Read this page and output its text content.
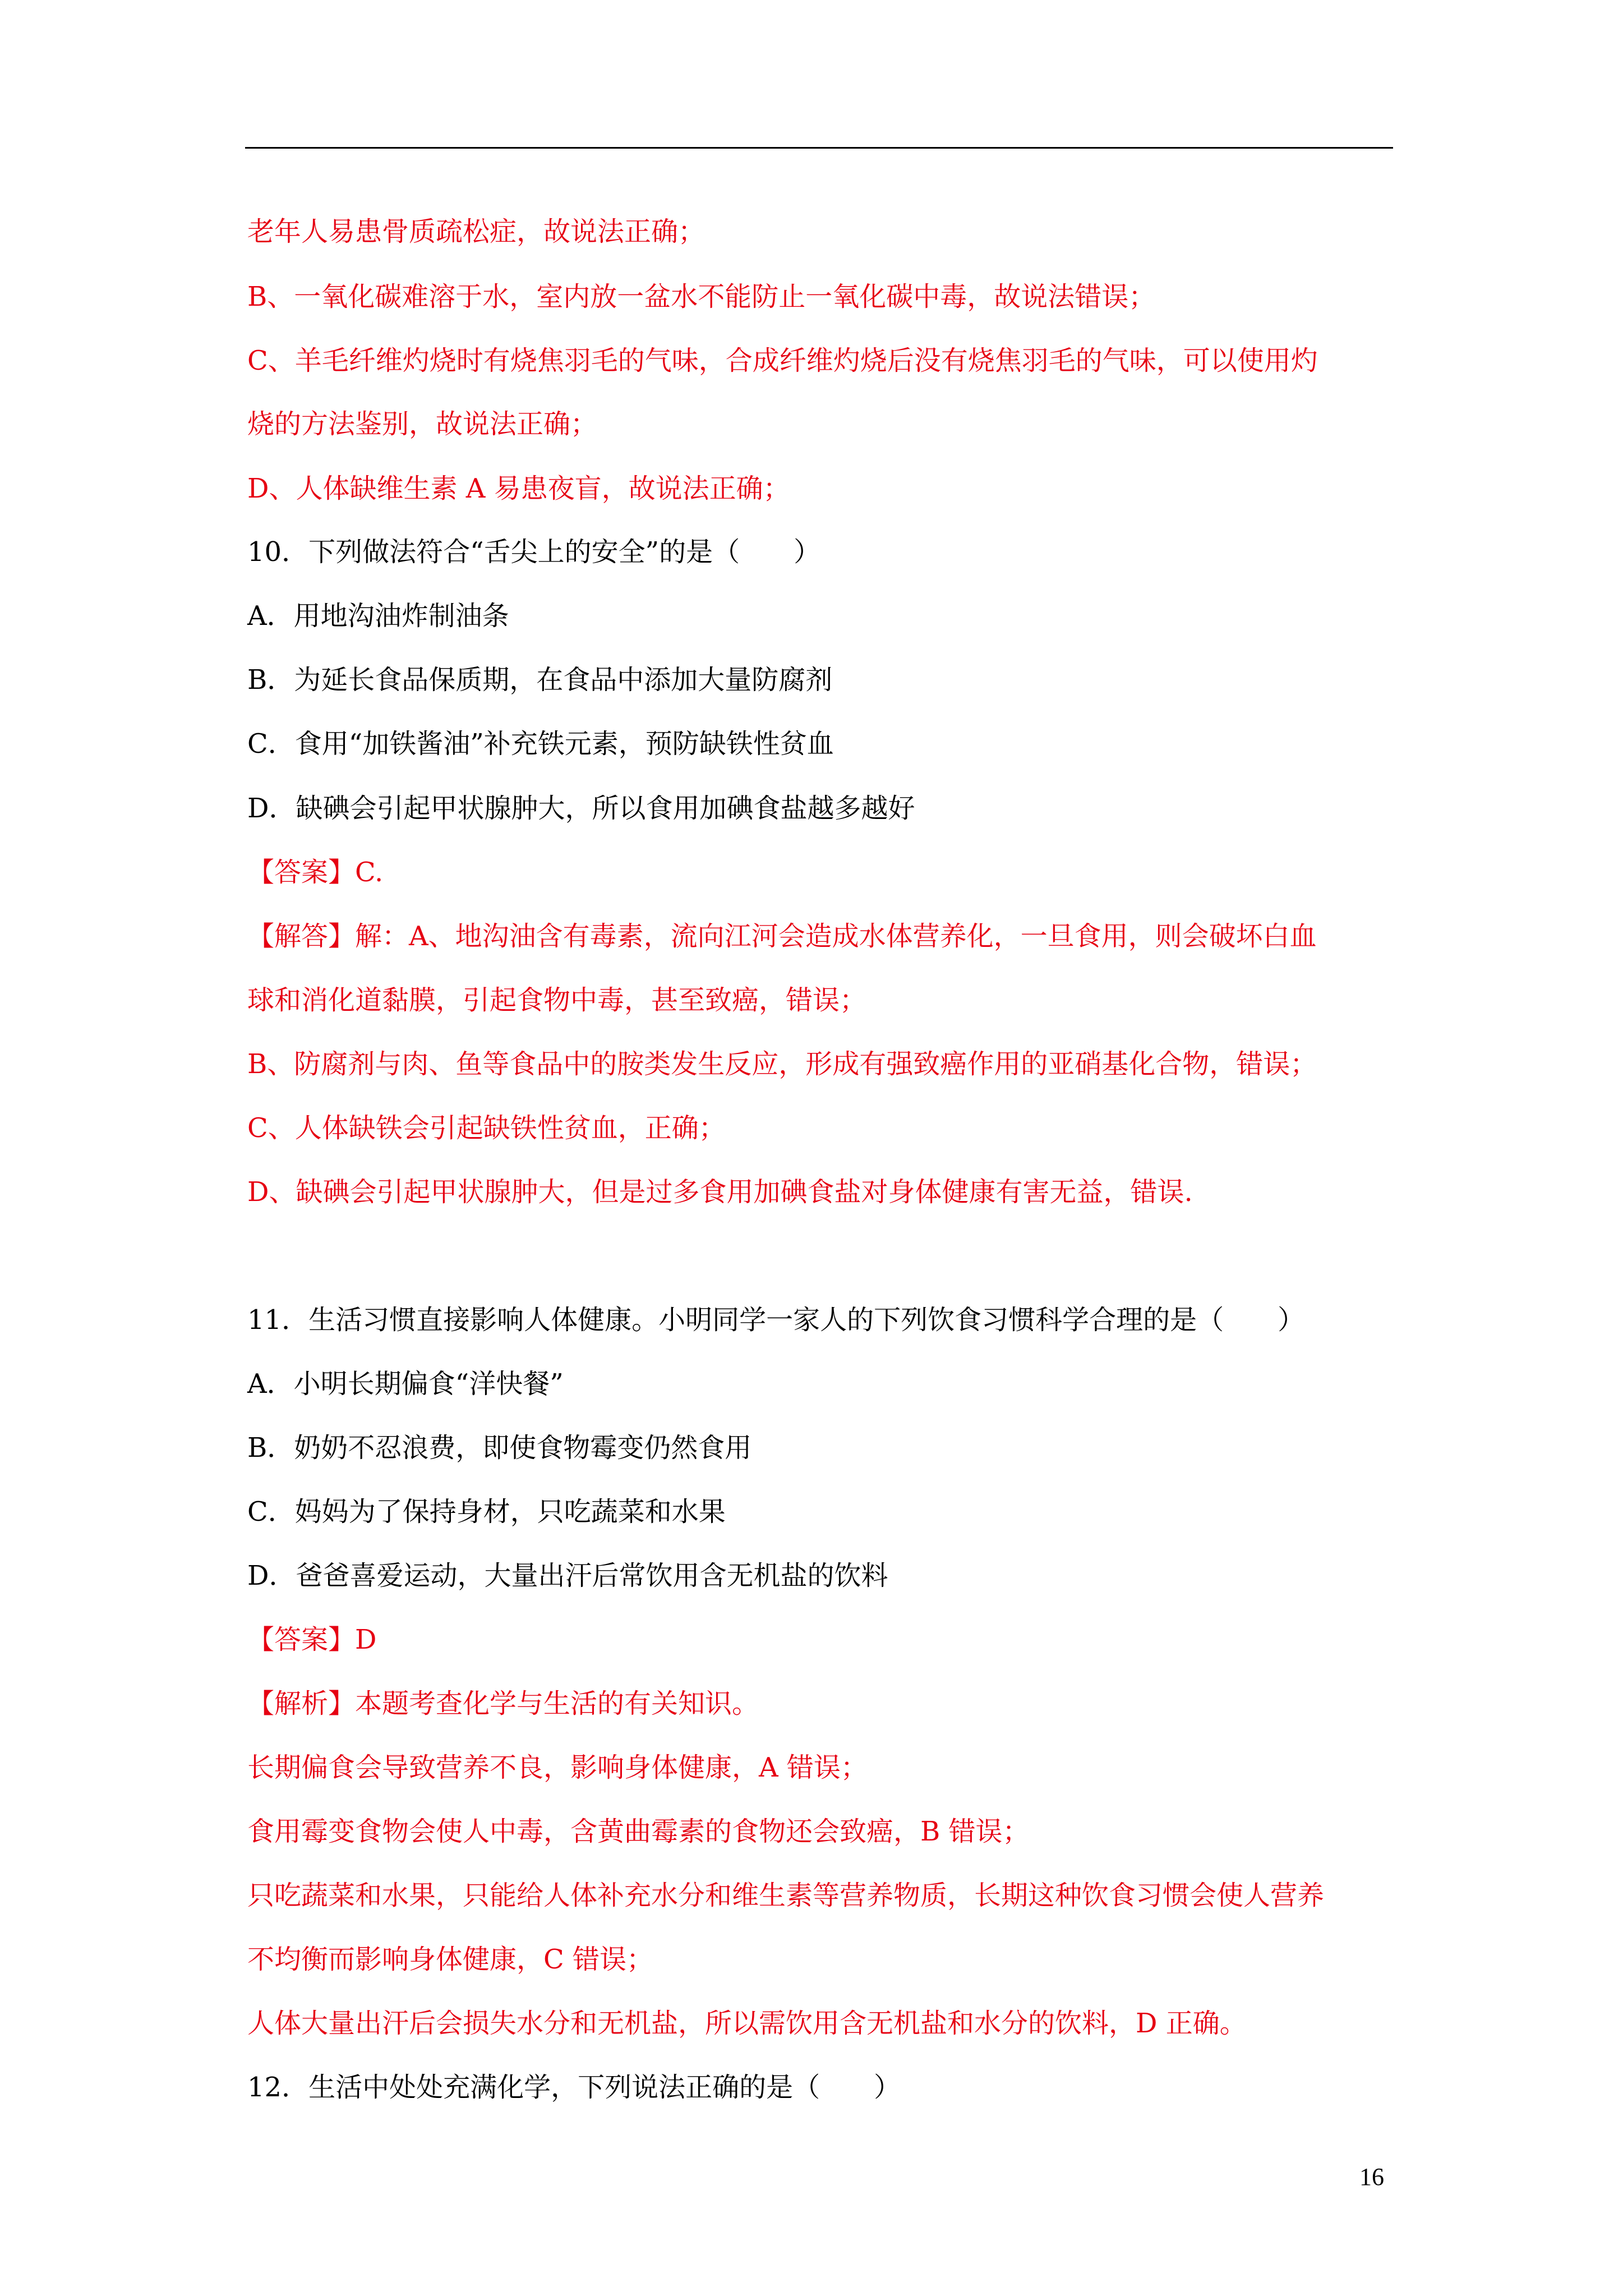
老年人易患骨质疏松症，故说法正确；
B、一氧化碳难溶于水，室内放一盆水不能防止一氧化碳中毒，故说法错误；
C、羊毛纤维灼烧时有烧焦羽毛的气味，合成纤维灼烧后没有烧焦羽毛的气味，可以使用灼
烧的方法鉴别，故说法正确；
D、人体缺维生素 A 易患夜盲，故说法正确；
10．下列做法符合“舌尖上的安全”的是（　　）
A．用地沟油炸制油条
B．为延长食品保质期，在食品中添加大量防腐剂
C．食用“加铁酱油”补充铁元素，预防缺铁性贫血
D．缺碘会引起甲状腺肿大，所以食用加碘食盐越多越好
【答案】C.
【解答】解：A、地沟油含有毒素，流向江河会造成水体营养化，一旦食用，则会破坏白血
球和消化道黏膜，引起食物中毒，甚至致癌，错误；
B、防腐剂与肉、鱼等食品中的胺类发生反应，形成有强致癌作用的亚硝基化合物，错误；
C、人体缺铁会引起缺铁性贫血，正确；
D、缺碘会引起甲状腺肿大，但是过多食用加碘食盐对身体健康有害无益，错误.
11．生活习惯直接影响人体健康。小明同学一家人的下列饮食习惯科学合理的是（　　）
A．小明长期偏食“洋快餐”
B．奶奶不忍浪费，即使食物霉变仍然食用
C．妈妈为了保持身材，只吃蔬菜和水果
D．爸爸喜爱运动，大量出汗后常饮用含无机盐的饮料
【答案】D
【解析】本题考查化学与生活的有关知识。
长期偏食会导致营养不良，影响身体健康，A 错误；
食用霉变食物会使人中毒，含黄曲霉素的食物还会致癌，B 错误；
只吃蔬菜和水果，只能给人体补充水分和维生素等营养物质，长期这种饮食习惯会使人营养
不均衡而影响身体健康，C 错误；
人体大量出汗后会损失水分和无机盐，所以需饮用含无机盐和水分的饮料，D 正确。
12．生活中处处充满化学，下列说法正确的是（　　）
16
